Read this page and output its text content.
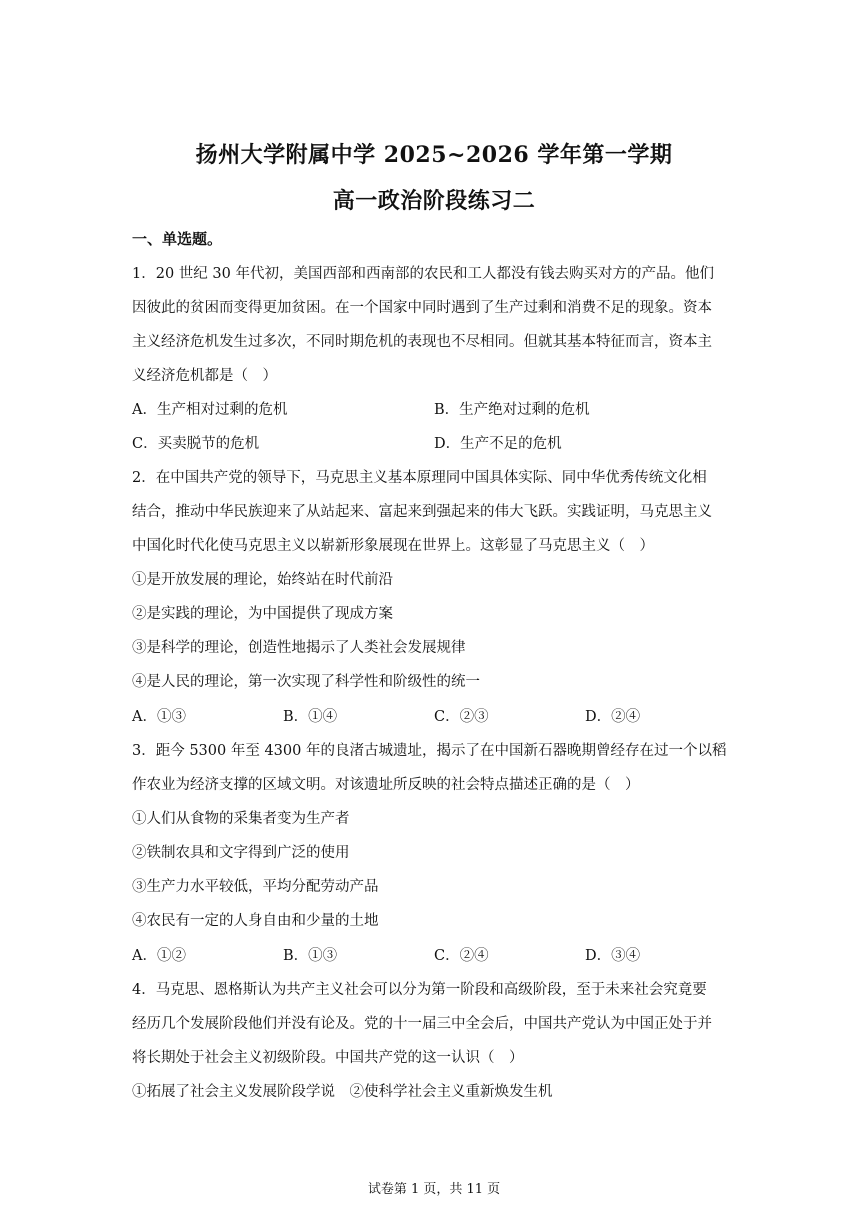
扬州大学附属中学 2025~2026 学年第一学期
高一政治阶段练习二
一、单选题。
1．20 世纪 30 年代初，美国西部和西南部的农民和工人都没有钱去购买对方的产品。他们
因彼此的贫困而变得更加贫困。在一个国家中同时遇到了生产过剩和消费不足的现象。资本
主义经济危机发生过多次，不同时期危机的表现也不尽相同。但就其基本特征而言，资本主
义经济危机都是（　）
A．生产相对过剩的危机	B．生产绝对过剩的危机
C．买卖脱节的危机	D．生产不足的危机
2．在中国共产党的领导下，马克思主义基本原理同中国具体实际、同中华优秀传统文化相
结合，推动中华民族迎来了从站起来、富起来到强起来的伟大飞跃。实践证明，马克思主义
中国化时代化使马克思主义以崭新形象展现在世界上。这彰显了马克思主义（　）
①是开放发展的理论，始终站在时代前沿
②是实践的理论，为中国提供了现成方案
③是科学的理论，创造性地揭示了人类社会发展规律
④是人民的理论，第一次实现了科学性和阶级性的统一
A．①③	B．①④	C．②③	D．②④
3．距今 5300 年至 4300 年的良渚古城遗址，揭示了在中国新石器晚期曾经存在过一个以稻
作农业为经济支撑的区域文明。对该遗址所反映的社会特点描述正确的是（　）
①人们从食物的采集者变为生产者
②铁制农具和文字得到广泛的使用
③生产力水平较低，平均分配劳动产品
④农民有一定的人身自由和少量的土地
A．①②	B．①③	C．②④	D．③④
4．马克思、恩格斯认为共产主义社会可以分为第一阶段和高级阶段，至于未来社会究竟要
经历几个发展阶段他们并没有论及。党的十一届三中全会后，中国共产党认为中国正处于并
将长期处于社会主义初级阶段。中国共产党的这一认识（　）
①拓展了社会主义发展阶段学说　②使科学社会主义重新焕发生机
试卷第 1 页，共 11 页
